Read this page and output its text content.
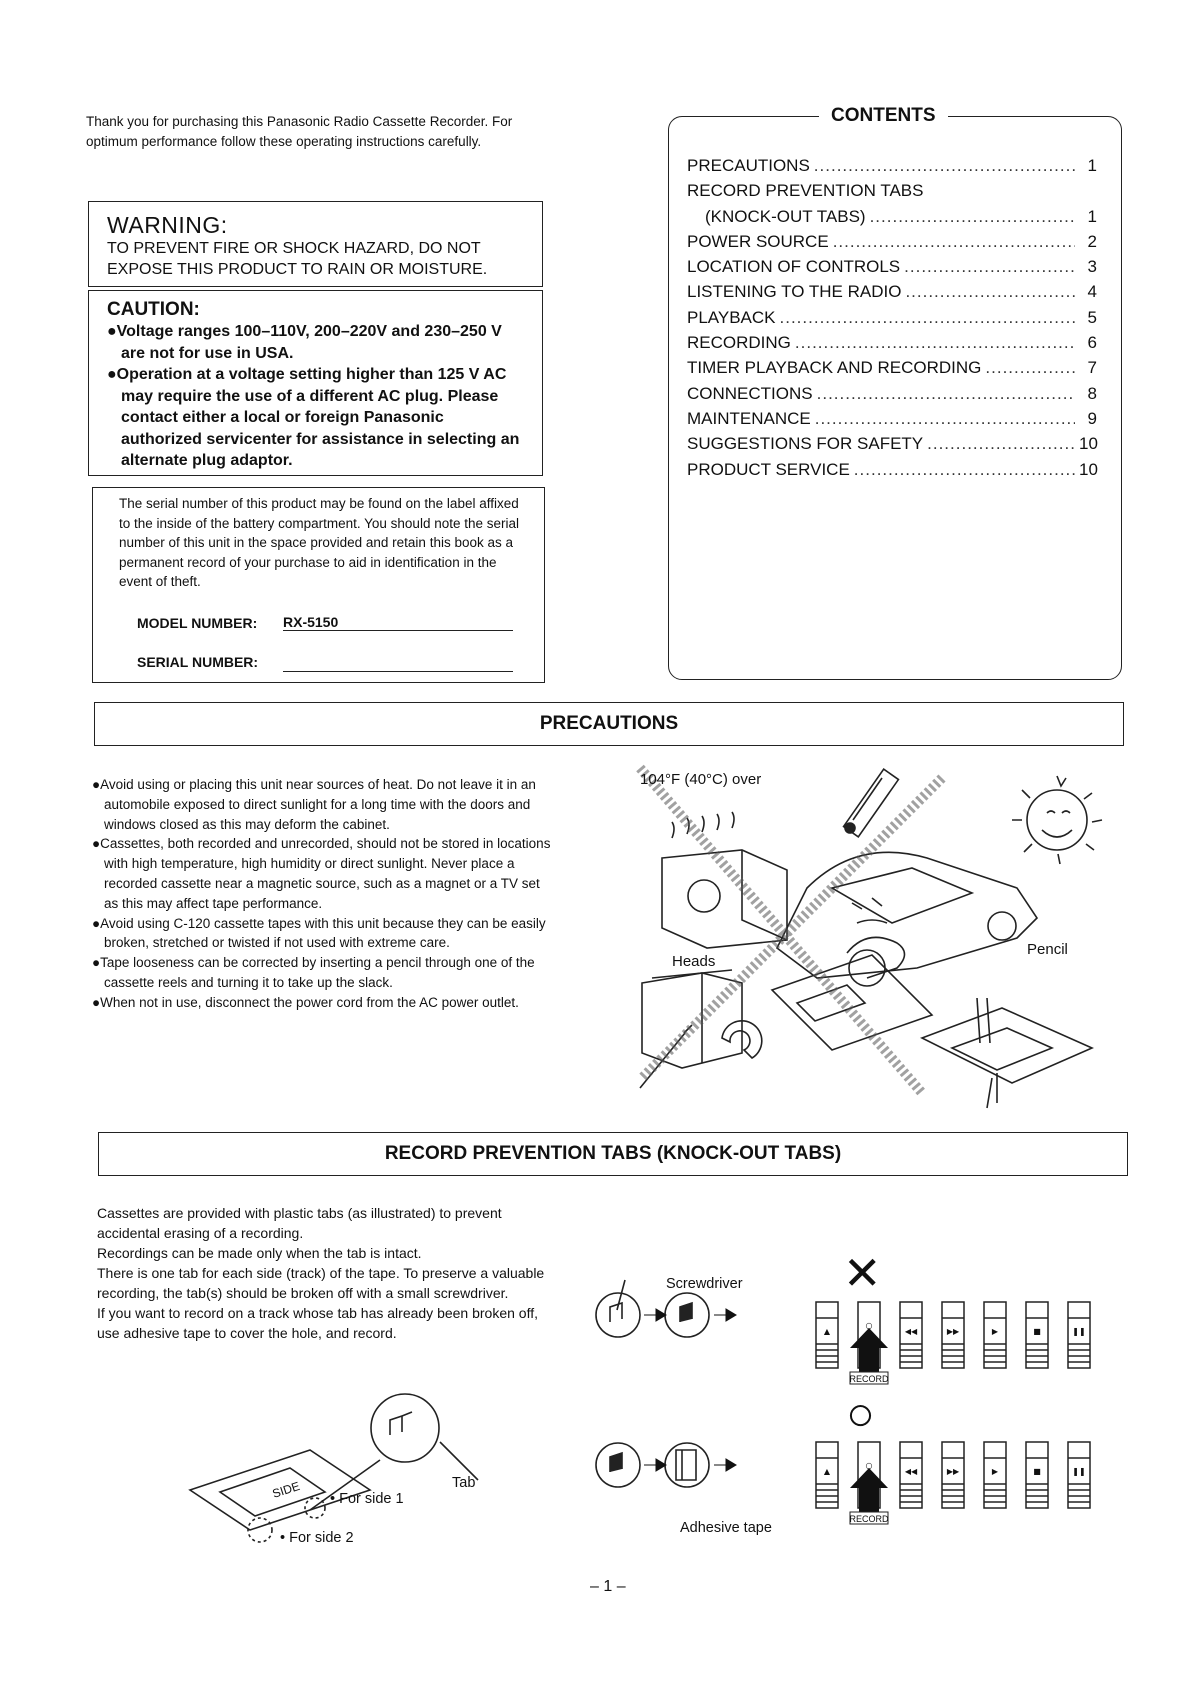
Thank you for purchasing this Panasonic Radio Cassette Recorder. For optimum performance follow these operating instructions carefully.
WARNING:
TO PREVENT FIRE OR SHOCK HAZARD, DO NOT
EXPOSE THIS PRODUCT TO RAIN OR MOISTURE.
CAUTION:
●Voltage ranges 100–110V, 200–220V and 230–250 V are not for use in USA.
●Operation at a voltage setting higher than 125 V AC may require the use of a different AC plug. Please contact either a local or foreign Panasonic authorized servicenter for assistance in selecting an alternate plug adaptor.
The serial number of this product may be found on the label affixed to the inside of the battery compartment. You should note the serial number of this unit in the space provided and retain this book as a permanent record of your purchase to aid in identification in the event of theft.
MODEL NUMBER: RX-5150
SERIAL NUMBER:
CONTENTS
PRECAUTIONS .....	1
RECORD PREVENTION TABS
(KNOCK-OUT TABS) .....	1
POWER SOURCE .....	2
LOCATION OF CONTROLS .....	3
LISTENING TO THE RADIO .....	4
PLAYBACK .....	5
RECORDING .....	6
TIMER PLAYBACK AND RECORDING .....	7
CONNECTIONS .....	8
MAINTENANCE .....	9
SUGGESTIONS FOR SAFETY .....	10
PRODUCT SERVICE .....	10
PRECAUTIONS
●Avoid using or placing this unit near sources of heat. Do not leave it in an automobile exposed to direct sunlight for a long time with the doors and windows closed as this may deform the cabinet.
●Cassettes, both recorded and unrecorded, should not be stored in locations with high temperature, high humidity or direct sunlight. Never place a recorded cassette near a magnetic source, such as a magnet or a TV set as this may affect tape performance.
●Avoid using C-120 cassette tapes with this unit because they can be easily broken, stretched or twisted if not used with extreme care.
●Tape looseness can be corrected by inserting a pencil through one of the cassette reels and turning it to take up the slack.
●When not in use, disconnect the power cord from the AC power outlet.
104°F (40°C) over
Heads
Pencil
RECORD PREVENTION TABS (KNOCK-OUT TABS)
Cassettes are provided with plastic tabs (as illustrated) to prevent accidental erasing of a recording.
Recordings can be made only when the tab is intact.
There is one tab for each side (track) of the tape. To preserve a valuable recording, the tab(s) should be broken off with a small screwdriver.
If you want to record on a track whose tab has already been broken off, use adhesive tape to cover the hole, and record.
SIDE	Tab
• For side 1
• For side 2
Screwdriver
Adhesive tape
✕
RECORD
▲
○
◀◀	▶▶	▶	■	❚❚
○
RECORD
▲
○
◀◀	▶▶	▶	■	❚❚
– 1 –
